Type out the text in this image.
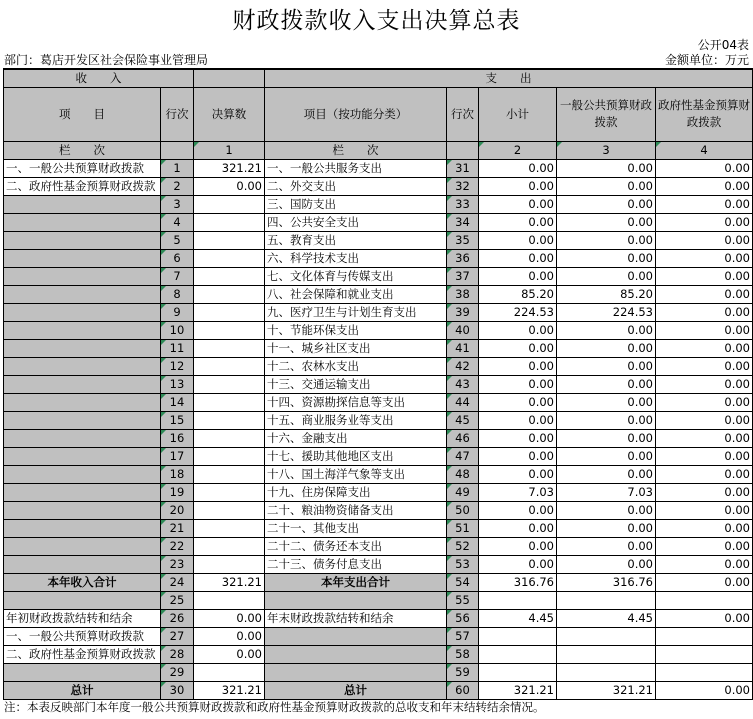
财政拨款收入支出决算总表
公开04表
部门：葛店开发区社会保险事业管理局	金额单位：万元
收　　入			支　　出				
项　　目	行次	决算数	项目（按功能分类）	行次	小计	一般公共预算财政拨款	政府性基金预算财政拨款
栏　　次		1	栏　　次		2	3	4
一、一般公共预算财政拨款	1	321.21	一、一般公共服务支出	31	0.00	0.00	0.00
二、政府性基金预算财政拨款	2	0.00	二、外交支出	32	0.00	0.00	0.00
	3		三、国防支出	33	0.00	0.00	0.00
	4		四、公共安全支出	34	0.00	0.00	0.00
	5		五、教育支出	35	0.00	0.00	0.00
	6		六、科学技术支出	36	0.00	0.00	0.00
	7		七、文化体育与传媒支出	37	0.00	0.00	0.00
	8		八、社会保障和就业支出	38	85.20	85.20	0.00
	9		九、医疗卫生与计划生育支出	39	224.53	224.53	0.00
	10		十、节能环保支出	40	0.00	0.00	0.00
	11		十一、城乡社区支出	41	0.00	0.00	0.00
	12		十二、农林水支出	42	0.00	0.00	0.00
	13		十三、交通运输支出	43	0.00	0.00	0.00
	14		十四、资源勘探信息等支出	44	0.00	0.00	0.00
	15		十五、商业服务业等支出	45	0.00	0.00	0.00
	16		十六、金融支出	46	0.00	0.00	0.00
	17		十七、援助其他地区支出	47	0.00	0.00	0.00
	18		十八、国土海洋气象等支出	48	0.00	0.00	0.00
	19		十九、住房保障支出	49	7.03	7.03	0.00
	20		二十、粮油物资储备支出	50	0.00	0.00	0.00
	21		二十一、其他支出	51	0.00	0.00	0.00
	22		二十二、债务还本支出	52	0.00	0.00	0.00
	23		二十三、债务付息支出	53	0.00	0.00	0.00
本年收入合计	24	321.21	本年支出合计	54	316.76	316.76	0.00
	25			55			
年初财政拨款结转和结余	26	0.00	年末财政拨款结转和结余	56	4.45	4.45	0.00
一、一般公共预算财政拨款	27	0.00		57			
二、政府性基金预算财政拨款	28	0.00		58			
	29			59			
总计	30	321.21	总计	60	321.21	321.21	0.00
注：本表反映部门本年度一般公共预算财政拨款和政府性基金预算财政拨款的总收支和年末结转结余情况。
